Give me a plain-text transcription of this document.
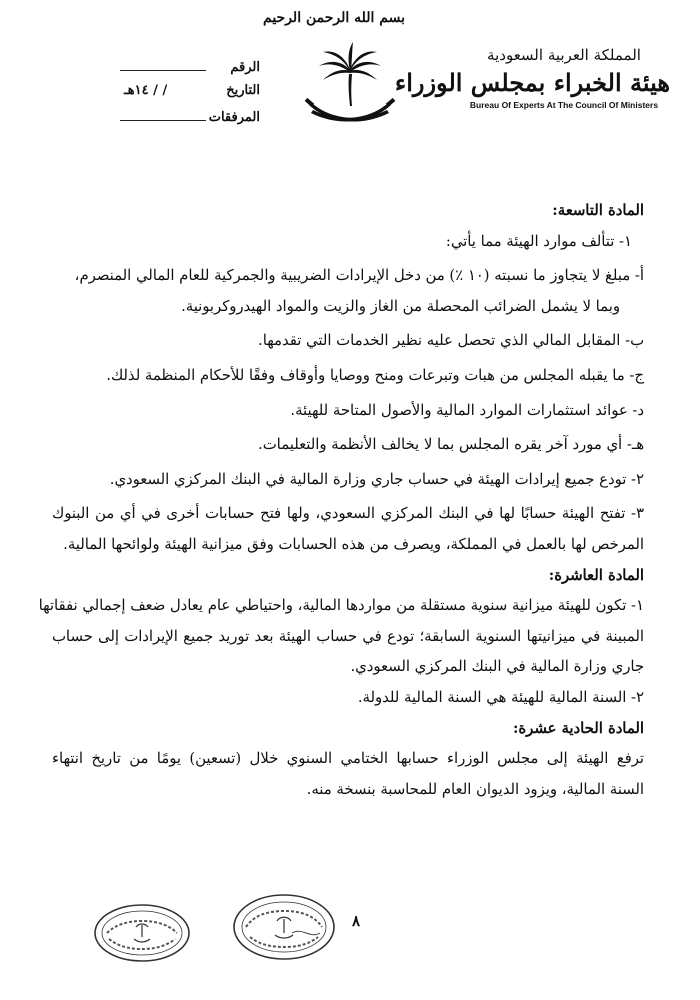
بسم الله الرحمن الرحيم
الرقم
التاريخ
/ / ١٤هـ
المرفقات
المملكة العربية السعودية
هيئة الخبراء بمجلس الوزراء
Bureau Of Experts At The Council Of Ministers
المادة التاسعة:
١- تتألف موارد الهيئة مما يأتي:
أ- مبلغ لا يتجاوز ما نسبته (١٠ ٪) من دخل الإيرادات الضريبية والجمركية للعام المالي المنصرم،
وبما لا يشمل الضرائب المحصلة من الغاز والزيت والمواد الهيدروكربونية.
ب- المقابل المالي الذي تحصل عليه نظير الخدمات التي تقدمها.
ج- ما يقبله المجلس من هبات وتبرعات ومنح ووصايا وأوقاف وفقًا للأحكام المنظمة لذلك.
د- عوائد استثمارات الموارد المالية والأصول المتاحة للهيئة.
هـ- أي مورد آخر يقره المجلس بما لا يخالف الأنظمة والتعليمات.
٢- تودع جميع إيرادات الهيئة في حساب جاري وزارة المالية في البنك المركزي السعودي.
٣- تفتح الهيئة حسابًا لها في البنك المركزي السعودي، ولها فتح حسابات أخرى في أي من البنوك
المرخص لها بالعمل في المملكة، ويصرف من هذه الحسابات وفق ميزانية الهيئة ولوائحها المالية.
المادة العاشرة:
١- تكون للهيئة ميزانية سنوية مستقلة من مواردها المالية، واحتياطي عام يعادل ضعف إجمالي نفقاتها
المبينة في ميزانيتها السنوية السابقة؛ تودع في حساب الهيئة بعد توريد جميع الإيرادات إلى حساب
جاري وزارة المالية في البنك المركزي السعودي.
٢- السنة المالية للهيئة هي السنة المالية للدولة.
المادة الحادية عشرة:
ترفع الهيئة إلى مجلس الوزراء حسابها الختامي السنوي خلال (تسعين) يومًا من تاريخ انتهاء
السنة المالية، ويزود الديوان العام للمحاسبة بنسخة منه.
٨
